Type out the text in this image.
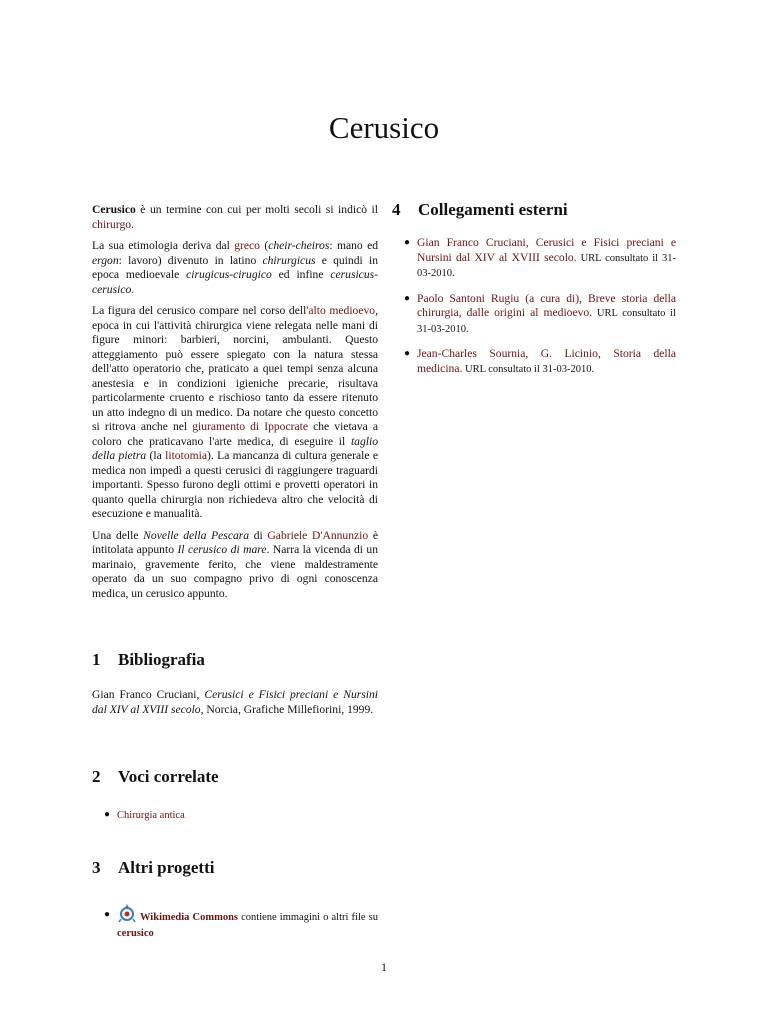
Cerusico

Cerusico è un termine con cui per molti secoli si indicò il chirurgo.

La sua etimologia deriva dal greco (cheir-cheiros: mano ed ergon: lavoro) divenuto in latino chirurgicus e quindi in epoca medioevale cirugicus-cirugico ed infine cerusicus-cerusico.

La figura del cerusico compare nel corso dell'alto medioevo, epoca in cui l'attività chirurgica viene relegata nelle mani di figure minori: barbieri, norcini, ambulanti. Questo atteggiamento può essere spiegato con la natura stessa dell'atto operatorio che, praticato a quei tempi senza alcuna anestesia e in condizioni igieniche precarie, risultava particolarmente cruento e rischioso tanto da essere ritenuto un atto indegno di un medico. Da notare che questo concetto si ritrova anche nel giuramento di Ippocrate che vietava a coloro che praticavano l'arte medica, di eseguire il taglio della pietra (la litotomia). La mancanza di cultura generale e medica non impedì a questi cerusici di raggiungere traguardi importanti. Spesso furono degli ottimi e provetti operatori in quanto quella chirurgia non richiedeva altro che velocità di esecuzione e manualità.

Una delle Novelle della Pescara di Gabriele D'Annunzio è intitolata appunto Il cerusico di mare. Narra la vicenda di un marinaio, gravemente ferito, che viene maldestramente operato da un suo compagno privo di ogni conoscenza medica, un cerusico appunto.

1 Bibliografia
Gian Franco Cruciani, Cerusici e Fisici preciani e Nursini dal XIV al XVIII secolo, Norcia, Grafiche Millefiorini, 1999.
2 Voci correlate
● Chirurgia antica
3 Altri progetti
●	Wikimedia Commons contiene immagini o altri file su cerusico
4 Collegamenti esterni
● Gian Franco Cruciani, Cerusici e Fisici preciani e Nursini dal XIV al XVIII secolo. URL consultato il 31-03-2010.
● Paolo Santoni Rugiu (a cura di), Breve storia della chirurgia, dalle origini al medioevo. URL consultato il 31-03-2010.
● Jean-Charles Sournia, G. Licinio, Storia della medicina. URL consultato il 31-03-2010.
1
